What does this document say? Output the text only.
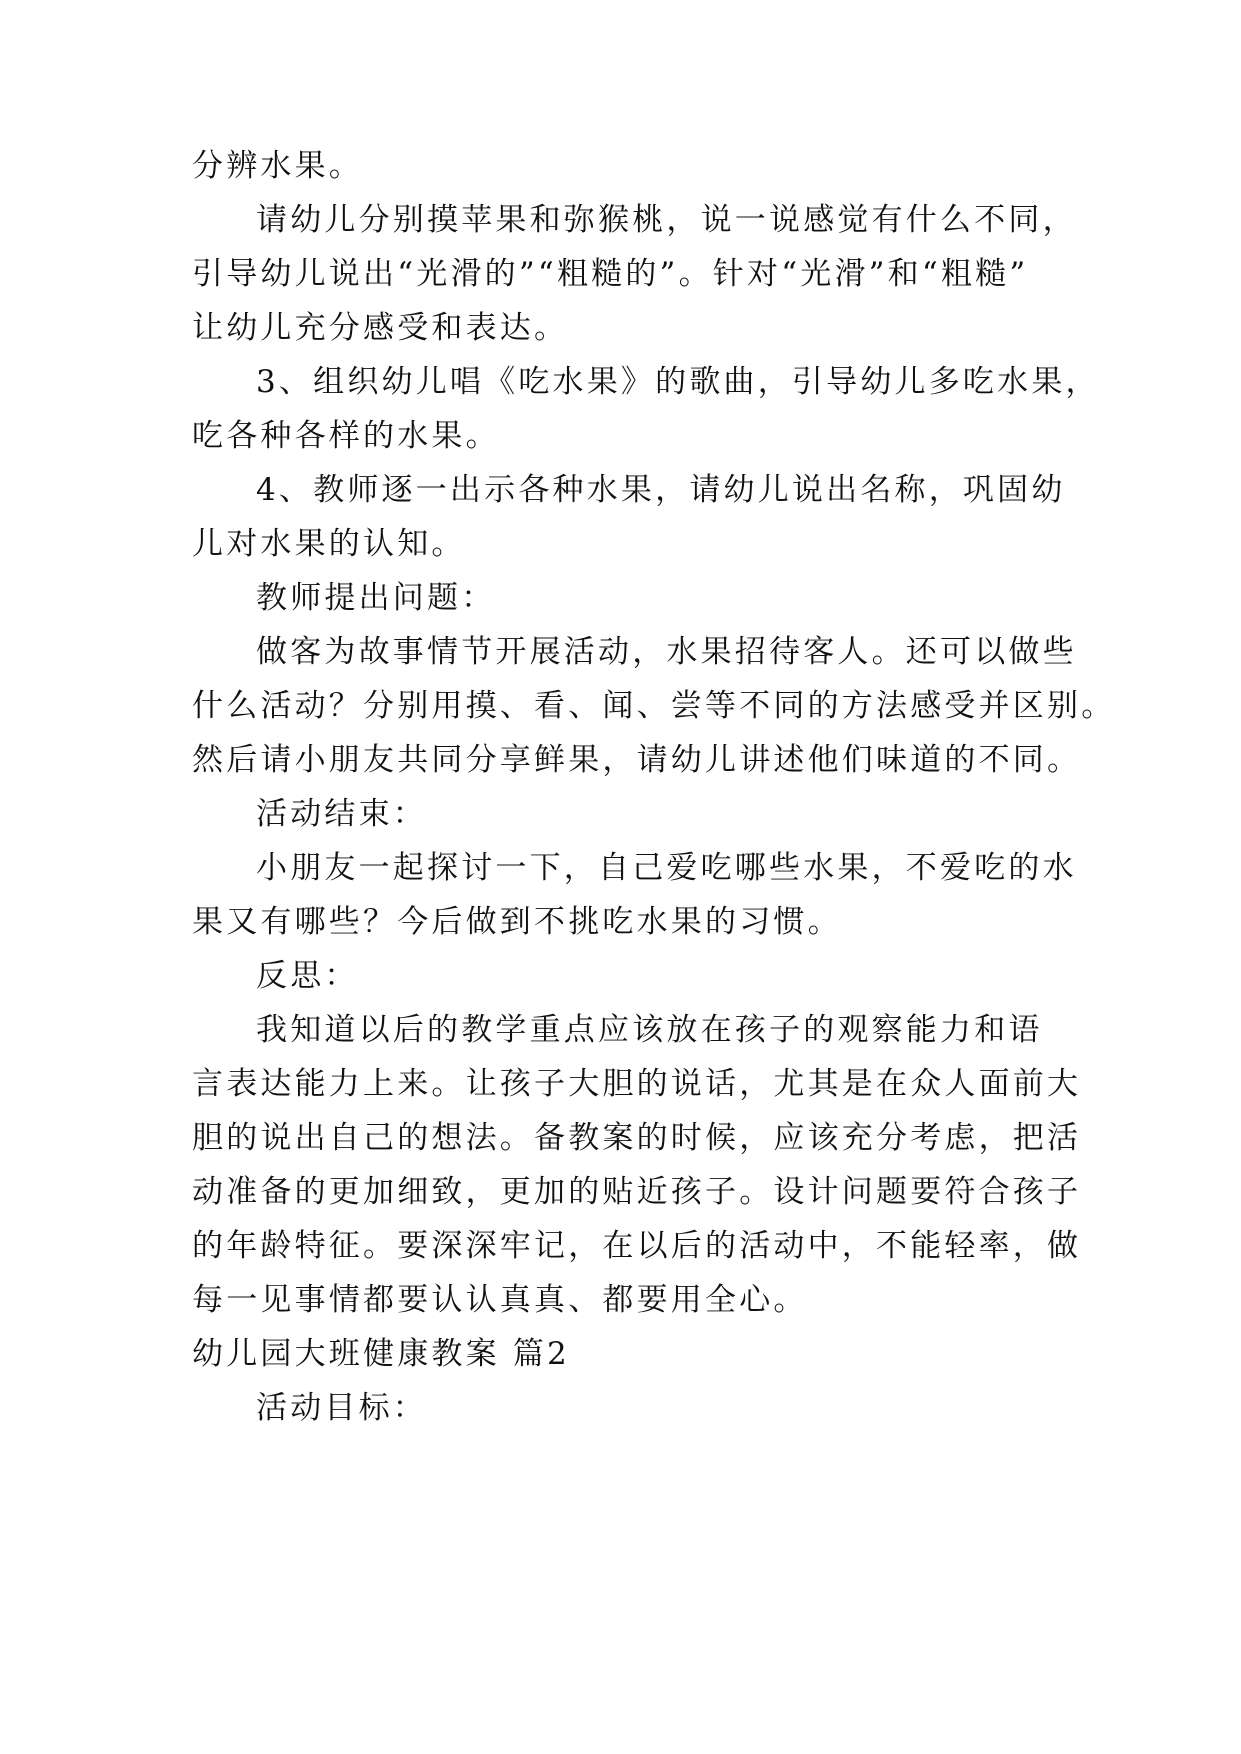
分辨水果。
请幼儿分别摸苹果和弥猴桃，说一说感觉有什么不同，
引导幼儿说出“光滑的”“粗糙的”。针对“光滑”和“粗糙”
让幼儿充分感受和表达。
3、组织幼儿唱《吃水果》的歌曲，引导幼儿多吃水果，
吃各种各样的水果。
4、教师逐一出示各种水果，请幼儿说出名称，巩固幼
儿对水果的认知。
教师提出问题：
做客为故事情节开展活动，水果招待客人。还可以做些
什么活动？分别用摸、看、闻、尝等不同的方法感受并区别。
然后请小朋友共同分享鲜果，请幼儿讲述他们味道的不同。
活动结束：
小朋友一起探讨一下，自己爱吃哪些水果，不爱吃的水
果又有哪些？今后做到不挑吃水果的习惯。
反思：
我知道以后的教学重点应该放在孩子的观察能力和语
言表达能力上来。让孩子大胆的说话，尤其是在众人面前大
胆的说出自己的想法。备教案的时候，应该充分考虑，把活
动准备的更加细致，更加的贴近孩子。设计问题要符合孩子
的年龄特征。要深深牢记，在以后的活动中，不能轻率，做
每一见事情都要认认真真、都要用全心。
幼儿园大班健康教案 篇2
活动目标：
